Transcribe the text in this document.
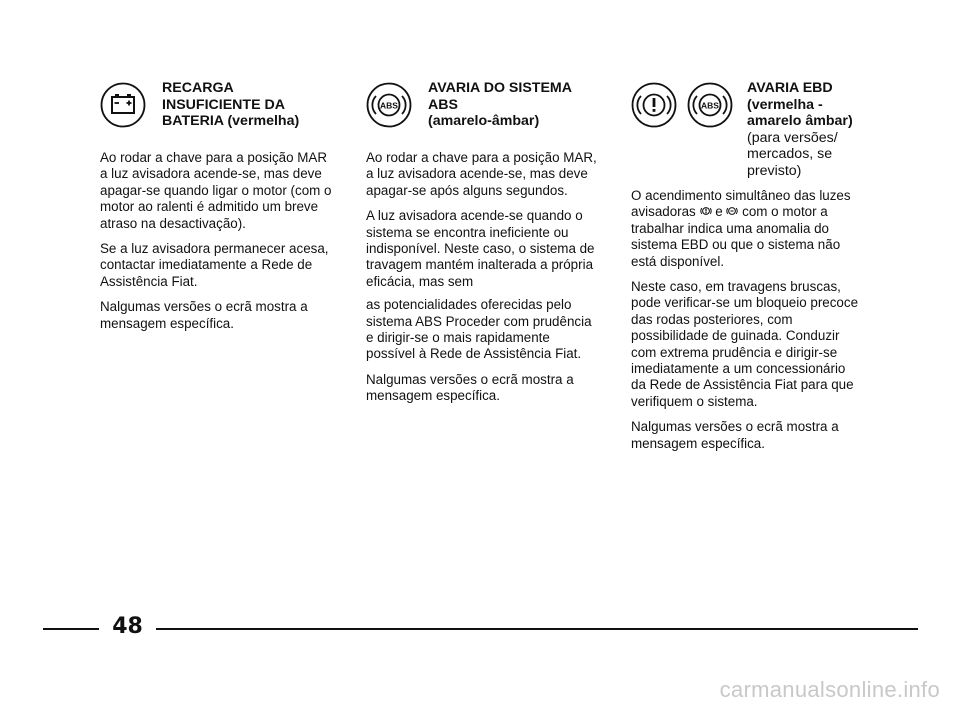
RECARGA INSUFICIENTE DA BATERIA (vermelha)

Ao rodar a chave para a posição MAR a luz avisadora acende-se, mas deve apagar-se quando ligar o motor (com o motor ao ralenti é admitido um breve atraso na desactivação).

Se a luz avisadora permanecer acesa, contactar imediatamente a Rede de Assistência Fiat.

Nalgumas versões o ecrã mostra a mensagem específica.

ABS
AVARIA DO SISTEMA ABS
(amarelo-âmbar)

Ao rodar a chave para a posição MAR, a luz avisadora acende-se, mas deve apagar-se após alguns segundos.

A luz avisadora acende-se quando o sistema se encontra ineficiente ou indisponível. Neste caso, o sistema de travagem mantém inalterada a própria eficácia, mas sem

as potencialidades oferecidas pelo sistema ABS Proceder com prudência e dirigir-se o mais rapidamente possível à Rede de Assistência Fiat.

Nalgumas versões o ecrã mostra a mensagem específica.

ABS
AVARIA EBD (vermelha - amarelo âmbar)
(para versões/ mercados, se previsto)

O acendimento simultâneo das luzes avisadoras e com o motor a trabalhar indica uma anomalia do sistema EBD ou que o sistema não está disponível.

Neste caso, em travagens bruscas, pode verificar-se um bloqueio precoce das rodas posteriores, com possibilidade de guinada. Conduzir com extrema prudência e dirigir-se imediatamente a um concessionário da Rede de Assistência Fiat para que verifiquem o sistema.

Nalgumas versões o ecrã mostra a mensagem específica.

48
carmanualsonline.info
